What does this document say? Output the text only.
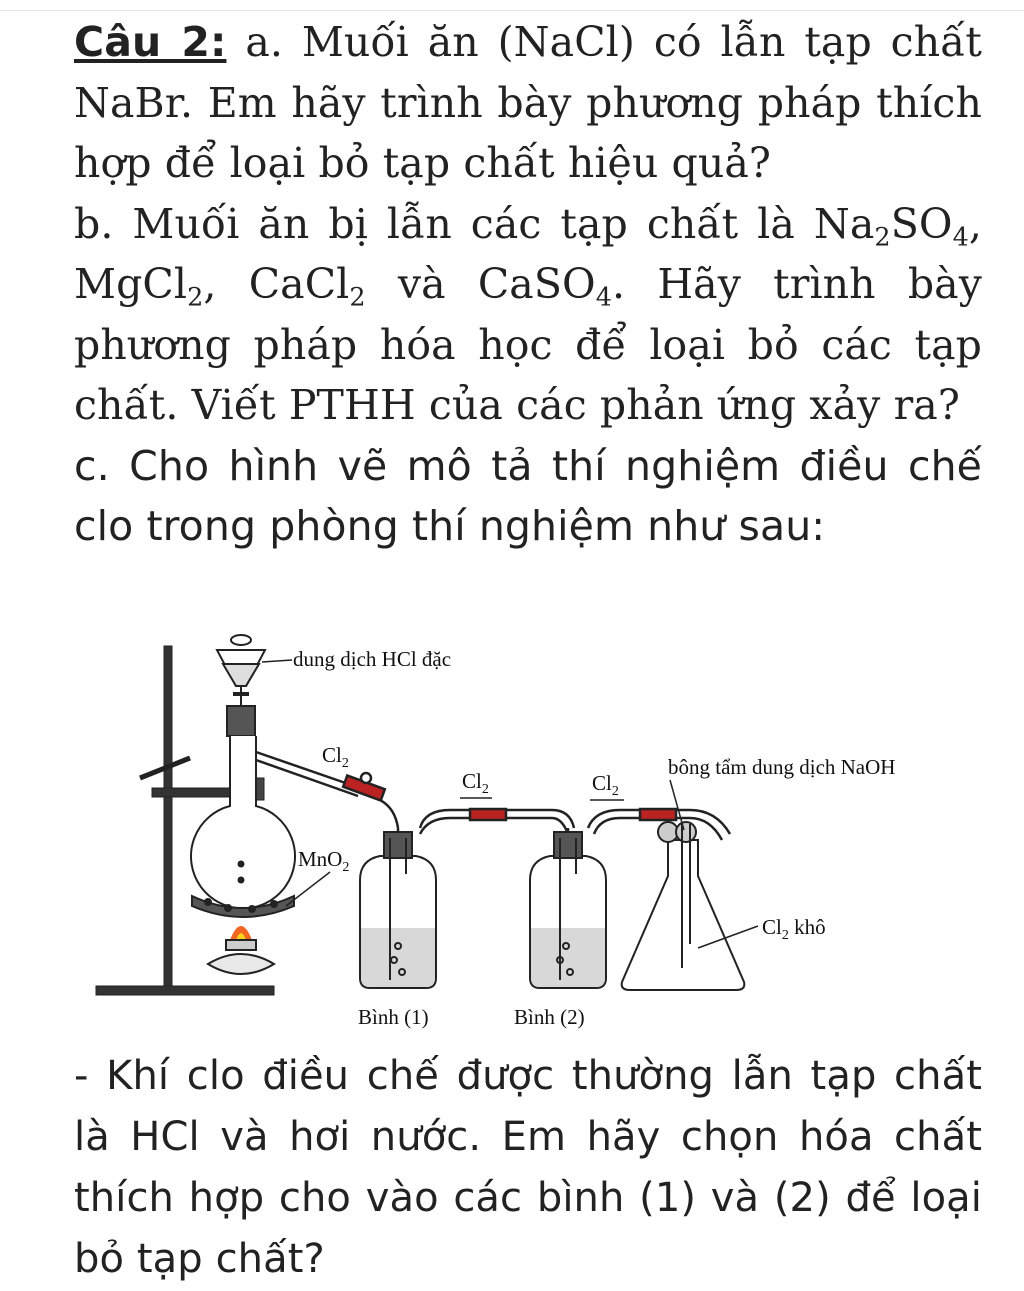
Câu 2: a. Muối ăn (NaCl) có lẫn tạp chất NaBr. Em hãy trình bày phương pháp thích hợp để loại bỏ tạp chất hiệu quả?
b. Muối ăn bị lẫn các tạp chất là $Na_2SO_4$, MgCl$_2$, CaCl$_2$ và CaSO$_4$. Hãy trình bày phương pháp hóa học để loại bỏ các tạp chất. Viết PTHH của các phản ứng xảy ra?
c. Cho hình vẽ mô tả thí nghiệm điều chế clo trong phòng thí nghiệm như sau:
dung dịch HCl đặc
$Cl_2$
$Cl_2$	$Cl_2$
MnO$_2$
bông tẩm dung dịch NaOH
$Cl_2$ khô
Bình (1)	Bình (2)
- Khí clo điều chế được thường lẫn tạp chất là HCl và hơi nước. Em hãy chọn hóa chất thích hợp cho vào các bình (1) và (2) để loại bỏ tạp chất?
